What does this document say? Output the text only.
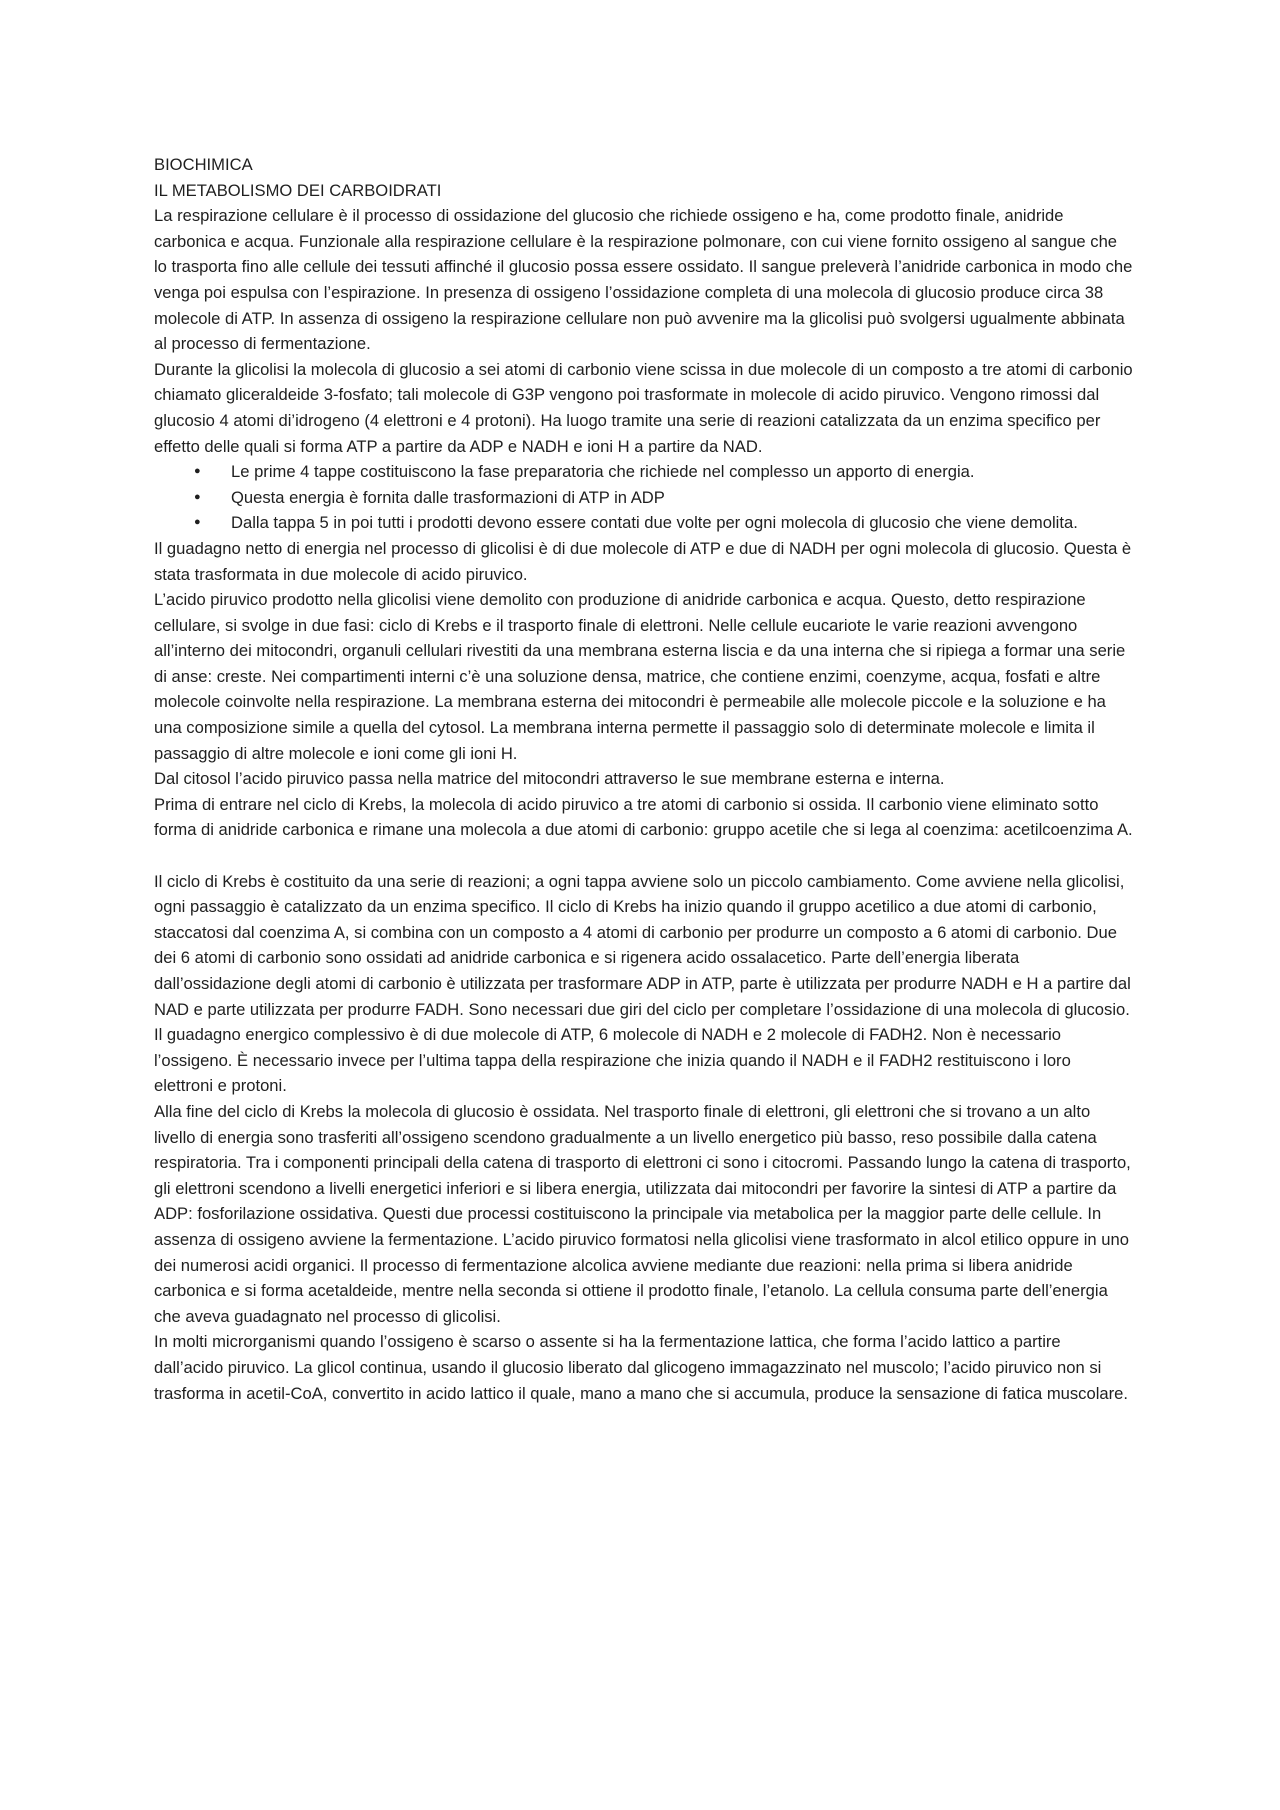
BIOCHIMICA
IL METABOLISMO DEI CARBOIDRATI

La respirazione cellulare è il processo di ossidazione del glucosio che richiede ossigeno e ha, come prodotto finale, anidride carbonica e acqua. Funzionale alla respirazione cellulare è la respirazione polmonare, con cui viene fornito ossigeno al sangue che lo trasporta fino alle cellule dei tessuti affinché il glucosio possa essere ossidato. Il sangue preleverà l’anidride carbonica in modo che venga poi espulsa con l’espirazione. In presenza di ossigeno l’ossidazione completa di una molecola di glucosio produce circa 38 molecole di ATP. In assenza di ossigeno la respirazione cellulare non può avvenire ma la glicolisi può svolgersi ugualmente abbinata al processo di fermentazione.

Durante la glicolisi la molecola di glucosio a sei atomi di carbonio viene scissa in due molecole di un composto a tre atomi di carbonio chiamato gliceraldeide 3-fosfato; tali molecole di G3P vengono poi trasformate in molecole di acido piruvico. Vengono rimossi dal glucosio 4 atomi di’idrogeno (4 elettroni e 4 protoni). Ha luogo tramite una serie di reazioni catalizzata da un enzima specifico per effetto delle quali si forma ATP a partire da ADP e NADH e ioni H a partire da NAD.

● Le prime 4 tappe costituiscono la fase preparatoria che richiede nel complesso un apporto di energia.
● Questa energia è fornita dalle trasformazioni di ATP in ADP
● Dalla tappa 5 in poi tutti i prodotti devono essere contati due volte per ogni molecola di glucosio che viene demolita.

Il guadagno netto di energia nel processo di glicolisi è di due molecole di ATP e due di NADH per ogni molecola di glucosio. Questa è stata trasformata in due molecole di acido piruvico.

L’acido piruvico prodotto nella glicolisi viene demolito con produzione di anidride carbonica e acqua. Questo, detto respirazione cellulare, si svolge in due fasi: ciclo di Krebs e il trasporto finale di elettroni. Nelle cellule eucariote le varie reazioni avvengono all’interno dei mitocondri, organuli cellulari rivestiti da una membrana esterna liscia e da una interna che si ripiega a formar una serie di anse: creste. Nei compartimenti interni c’è una soluzione densa, matrice, che contiene enzimi, coenzyme, acqua, fosfati e altre molecole coinvolte nella respirazione. La membrana esterna dei mitocondri è permeabile alle molecole piccole e la soluzione e ha una composizione simile a quella del cytosol. La membrana interna permette il passaggio solo di determinate molecole e limita il passaggio di altre molecole e ioni come gli ioni H.

Dal citosol l’acido piruvico passa nella matrice del mitocondri attraverso le sue membrane esterna e interna.

Prima di entrare nel ciclo di Krebs, la molecola di acido piruvico a tre atomi di carbonio si ossida. Il carbonio viene eliminato sotto forma di anidride carbonica e rimane una molecola a due atomi di carbonio: gruppo acetile che si lega al coenzima: acetilcoenzima A.

Il ciclo di Krebs è costituito da una serie di reazioni; a ogni tappa avviene solo un piccolo cambiamento. Come avviene nella glicolisi, ogni passaggio è catalizzato da un enzima specifico. Il ciclo di Krebs ha inizio quando il gruppo acetilico a due atomi di carbonio, staccatosi dal coenzima A, si combina con un composto a 4 atomi di carbonio per produrre un composto a 6 atomi di carbonio. Due dei 6 atomi di carbonio sono ossidati ad anidride carbonica e si rigenera acido ossalacetico. Parte dell’energia liberata dall’ossidazione degli atomi di carbonio è utilizzata per trasformare ADP in ATP, parte è utilizzata per produrre NADH e H a partire dal NAD e parte utilizzata per produrre FADH. Sono necessari due giri del ciclo per completare l’ossidazione di una molecola di glucosio. Il guadagno energico complessivo è di due molecole di ATP, 6 molecole di NADH e 2 molecole di FADH2. Non è necessario l’ossigeno. È necessario invece per l’ultima tappa della respirazione che inizia quando il NADH e il FADH2 restituiscono i loro elettroni e protoni.

Alla fine del ciclo di Krebs la molecola di glucosio è ossidata. Nel trasporto finale di elettroni, gli elettroni che si trovano a un alto livello di energia sono trasferiti all’ossigeno scendono gradualmente a un livello energetico più basso, reso possibile dalla catena respiratoria. Tra i componenti principali della catena di trasporto di elettroni ci sono i citocromi. Passando lungo la catena di trasporto, gli elettroni scendono a livelli energetici inferiori e si libera energia, utilizzata dai mitocondri per favorire la sintesi di ATP a partire da ADP: fosforilazione ossidativa. Questi due processi costituiscono la principale via metabolica per la maggior parte delle cellule. In assenza di ossigeno avviene la fermentazione. L’acido piruvico formatosi nella glicolisi viene trasformato in alcol etilico oppure in uno dei numerosi acidi organici. Il processo di fermentazione alcolica avviene mediante due reazioni: nella prima si libera anidride carbonica e si forma acetaldeide, mentre nella seconda si ottiene il prodotto finale, l’etanolo. La cellula consuma parte dell’energia che aveva guadagnato nel processo di glicolisi.

In molti microrganismi quando l’ossigeno è scarso o assente si ha la fermentazione lattica, che forma l’acido lattico a partire dall’acido piruvico. La glicol continua, usando il glucosio liberato dal glicogeno immagazzinato nel muscolo; l’acido piruvico non si trasforma in acetil-CoA, convertito in acido lattico il quale, mano a mano che si accumula, produce la sensazione di fatica muscolare.
